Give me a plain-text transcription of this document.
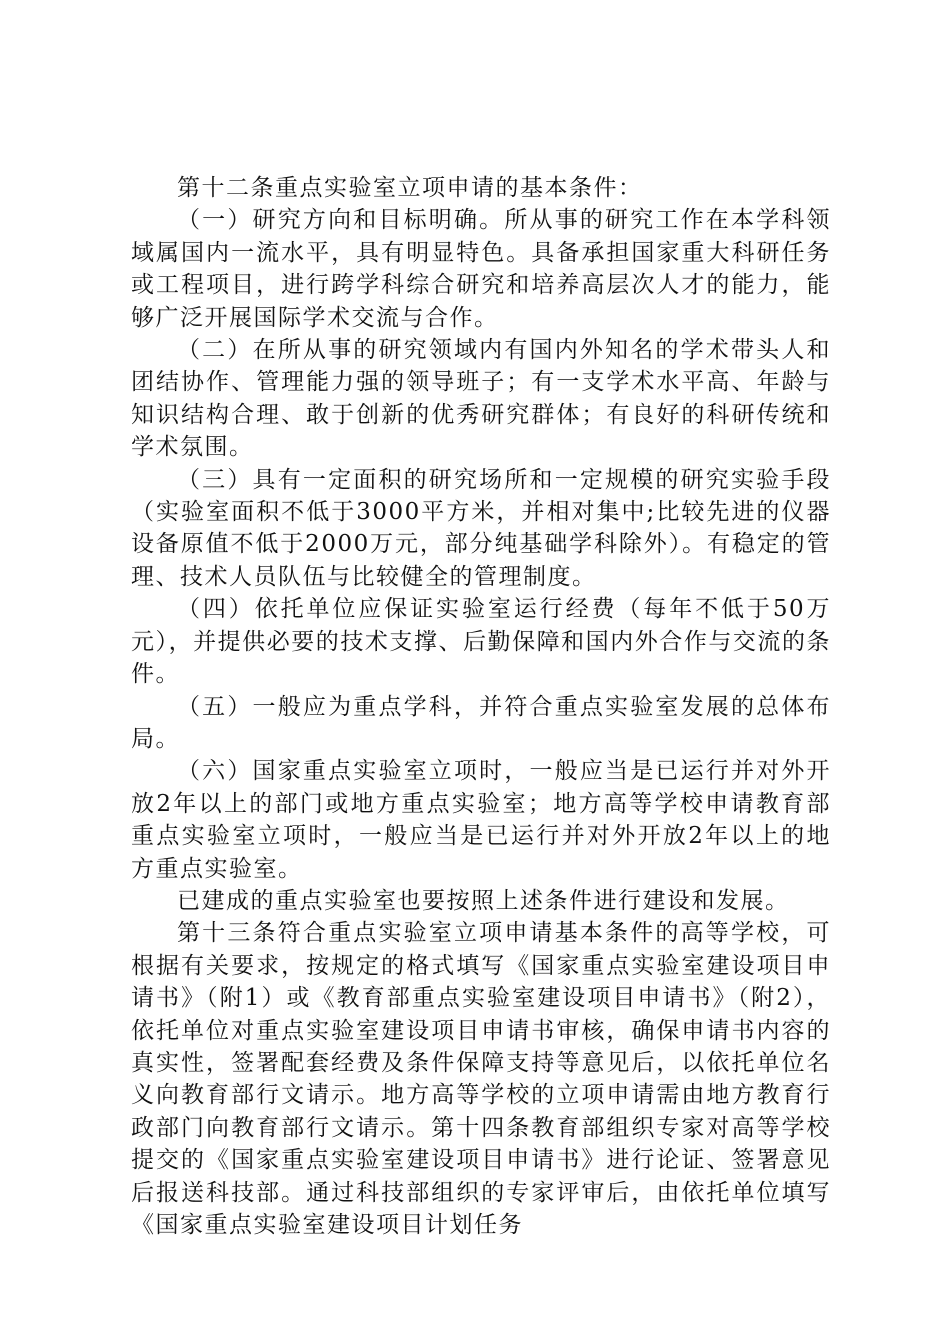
第十二条重点实验室立项申请的基本条件：

（一）研究方向和目标明确。所从事的研究工作在本学科领域属国内一流水平，具有明显特色。具备承担国家重大科研任务或工程项目，进行跨学科综合研究和培养高层次人才的能力，能够广泛开展国际学术交流与合作。

（二）在所从事的研究领域内有国内外知名的学术带头人和团结协作、管理能力强的领导班子；有一支学术水平高、年龄与知识结构合理、敢于创新的优秀研究群体；有良好的科研传统和学术氛围。

（三）具有一定面积的研究场所和一定规模的研究实验手段（实验室面积不低于3000平方米，并相对集中;比较先进的仪器设备原值不低于2000万元，部分纯基础学科除外）。有稳定的管理、技术人员队伍与比较健全的管理制度。

（四）依托单位应保证实验室运行经费（每年不低于50万元），并提供必要的技术支撑、后勤保障和国内外合作与交流的条件。

（五）一般应为重点学科，并符合重点实验室发展的总体布局。

（六）国家重点实验室立项时，一般应当是已运行并对外开放2年以上的部门或地方重点实验室；地方高等学校申请教育部重点实验室立项时，一般应当是已运行并对外开放2年以上的地方重点实验室。

已建成的重点实验室也要按照上述条件进行建设和发展。

第十三条符合重点实验室立项申请基本条件的高等学校，可根据有关要求，按规定的格式填写《国家重点实验室建设项目申请书》（附1）或《教育部重点实验室建设项目申请书》（附2），依托单位对重点实验室建设项目申请书审核，确保申请书内容的真实性，签署配套经费及条件保障支持等意见后，以依托单位名义向教育部行文请示。地方高等学校的立项申请需由地方教育行政部门向教育部行文请示。第十四条教育部组织专家对高等学校提交的《国家重点实验室建设项目申请书》进行论证、签署意见后报送科技部。通过科技部组织的专家评审后，由依托单位填写《国家重点实验室建设项目计划任务
